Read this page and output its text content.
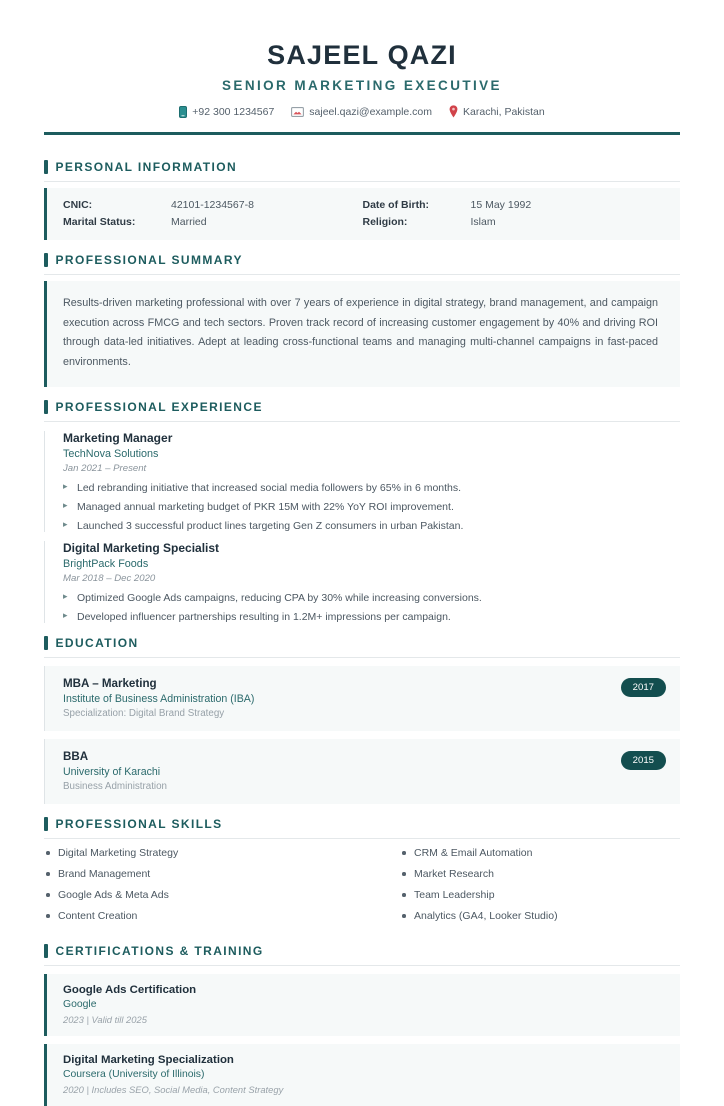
SAJEEL QAZI
SENIOR MARKETING EXECUTIVE
+92 300 1234567	sajeel.qazi@example.com	Karachi, Pakistan
PERSONAL INFORMATION
CNIC:	42101-1234567-8	Date of Birth:	15 May 1992
Marital Status:	Married	Religion:	Islam
PROFESSIONAL SUMMARY

Results-driven marketing professional with over 7 years of experience in digital strategy, brand management, and campaign execution across FMCG and tech sectors. Proven track record of increasing customer engagement by 40% and driving ROI through data-led initiatives. Adept at leading cross-functional teams and managing multi-channel campaigns in fast-paced environments.

PROFESSIONAL EXPERIENCE
Marketing Manager
TechNova Solutions
Jan 2021 – Present
▸ Led rebranding initiative that increased social media followers by 65% in 6 months.
▸ Managed annual marketing budget of PKR 15M with 22% YoY ROI improvement.
▸ Launched 3 successful product lines targeting Gen Z consumers in urban Pakistan.
Digital Marketing Specialist
BrightPack Foods
Mar 2018 – Dec 2020
▸ Optimized Google Ads campaigns, reducing CPA by 30% while increasing conversions.
▸ Developed influencer partnerships resulting in 1.2M+ impressions per campaign.
EDUCATION
MBA – Marketing
Institute of Business Administration (IBA)
Specialization: Digital Brand Strategy
2017
BBA
University of Karachi
Business Administration
2015
PROFESSIONAL SKILLS
Digital Marketing Strategy
Brand Management
Google Ads & Meta Ads
Content Creation
CRM & Email Automation
Market Research
Team Leadership
Analytics (GA4, Looker Studio)
CERTIFICATIONS & TRAINING
Google Ads Certification
Google
2023 | Valid till 2025
Digital Marketing Specialization
Coursera (University of Illinois)
2020 | Includes SEO, Social Media, Content Strategy
